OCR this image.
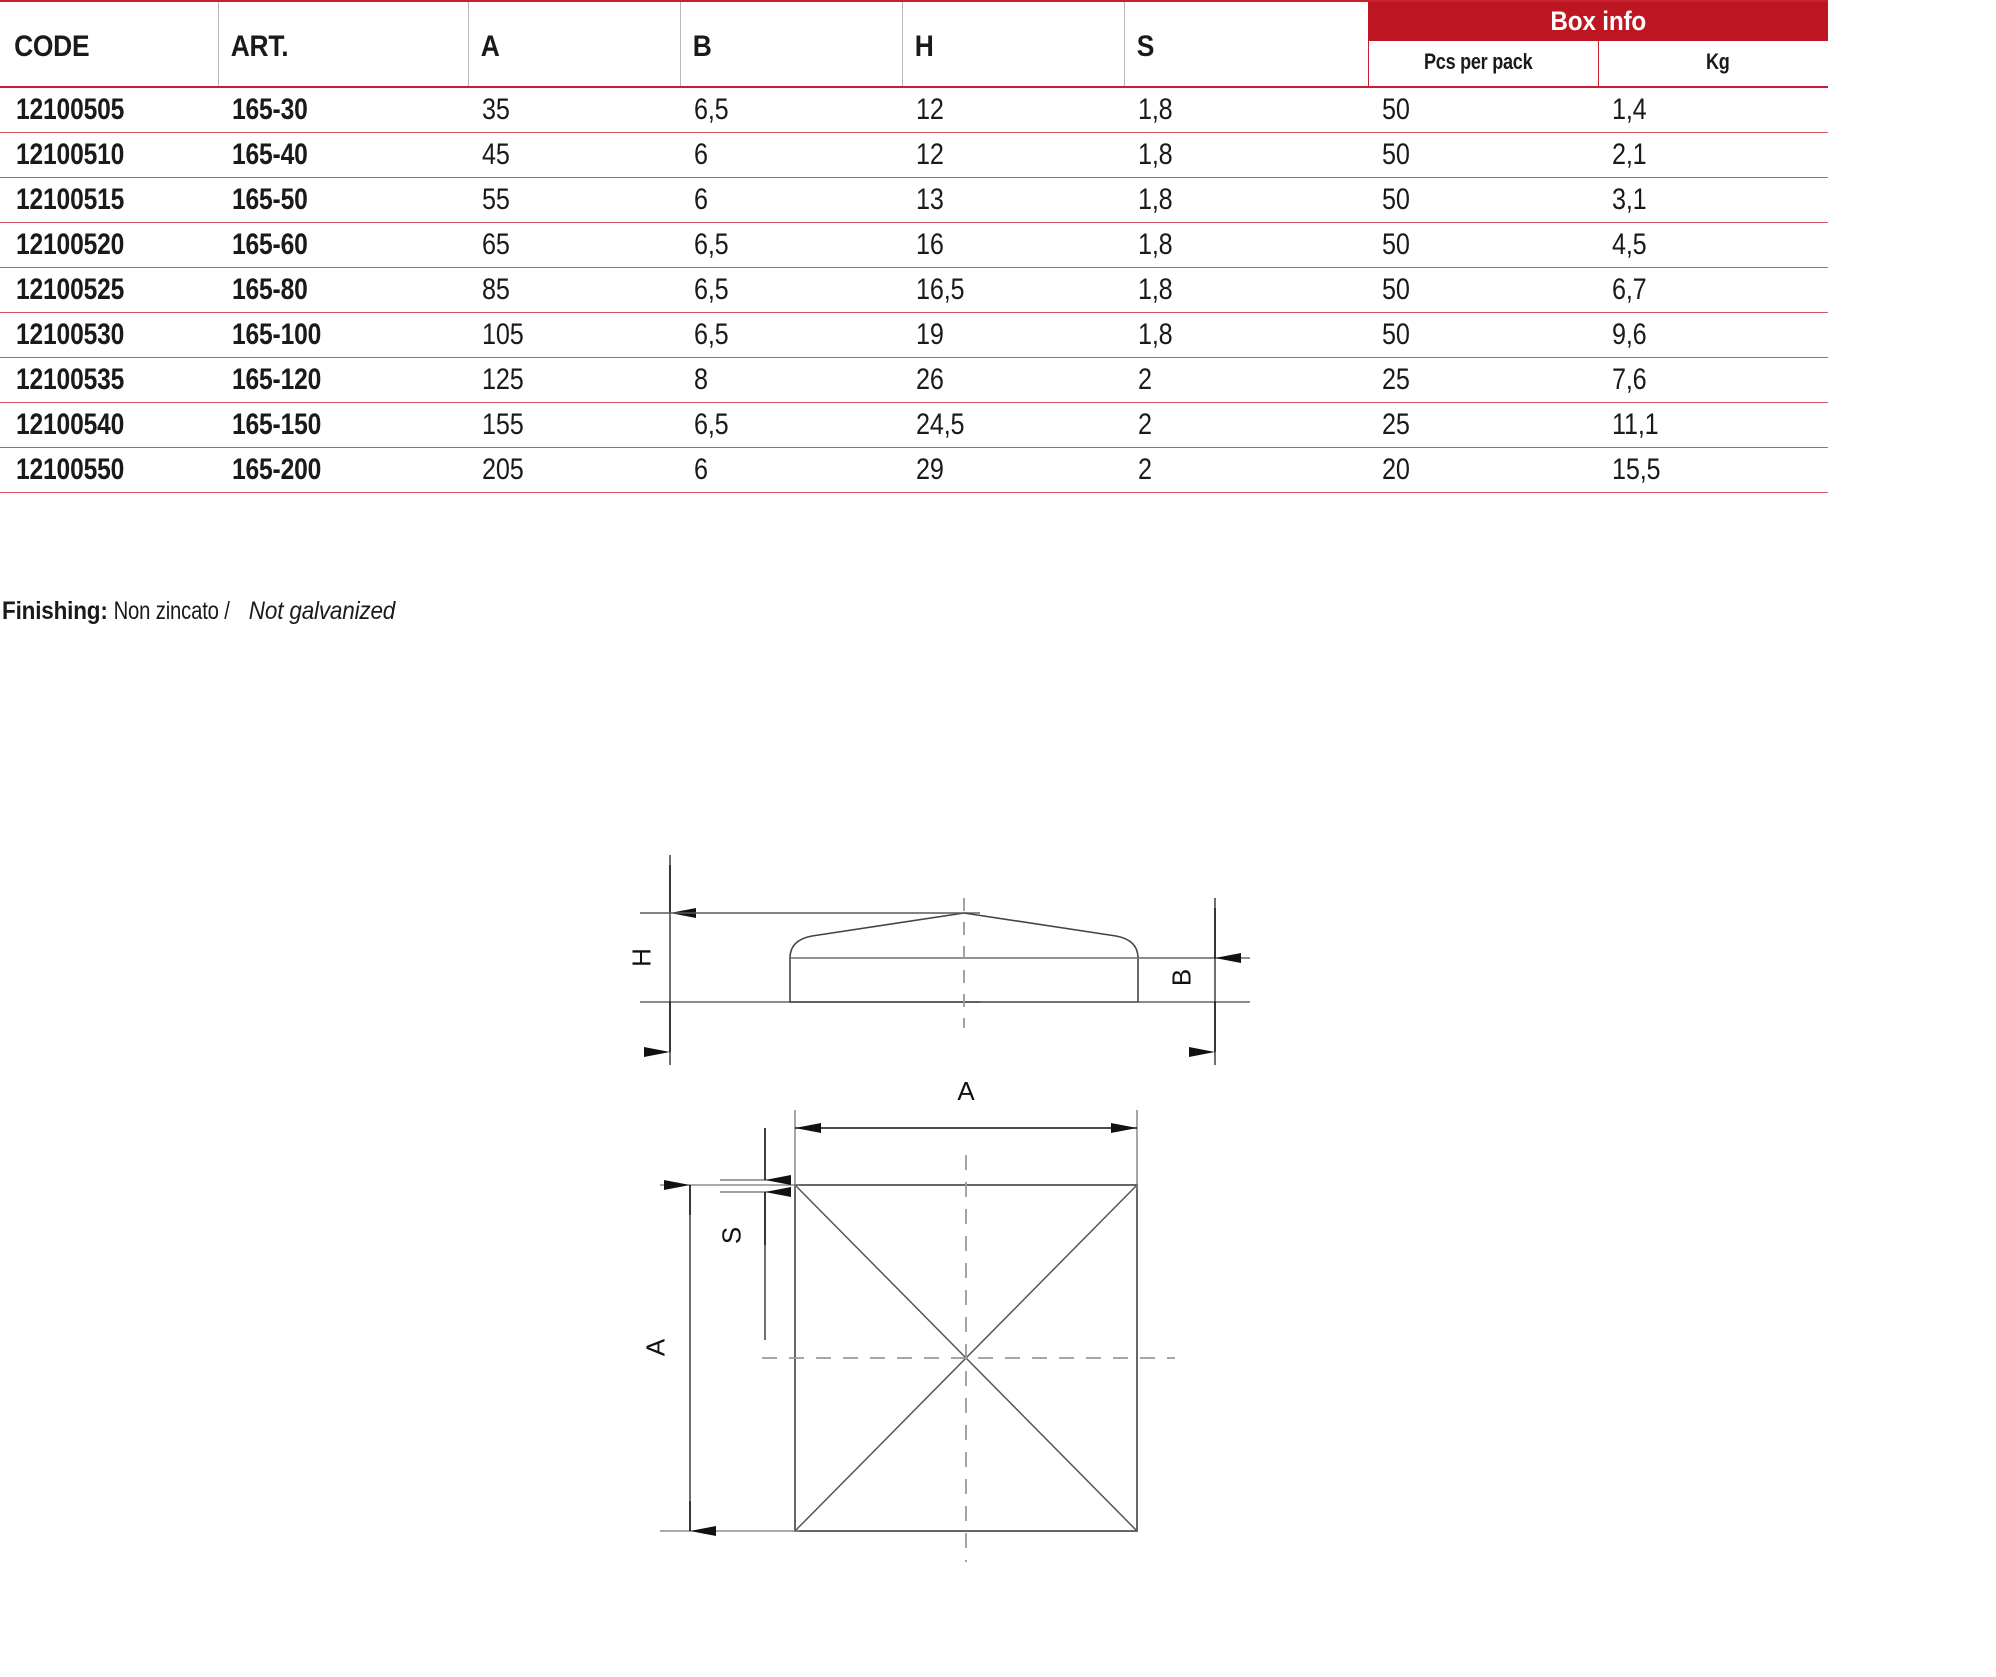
CODE	ART.	A	B	H	S	Box info	
						Pcs per pack	Kg
12100505	165-30	35	6,5	12	1,8	50	1,4
12100510	165-40	45	6	12	1,8	50	2,1
12100515	165-50	55	6	13	1,8	50	3,1
12100520	165-60	65	6,5	16	1,8	50	4,5
12100525	165-80	85	6,5	16,5	1,8	50	6,7
12100530	165-100	105	6,5	19	1,8	50	9,6
12100535	165-120	125	8	26	2	25	7,6
12100540	165-150	155	6,5	24,5	2	25	11,1
12100550	165-200	205	6	29	2	20	15,5
Finishing: Non zincato / Not galvanized
H
B
A
A
S
